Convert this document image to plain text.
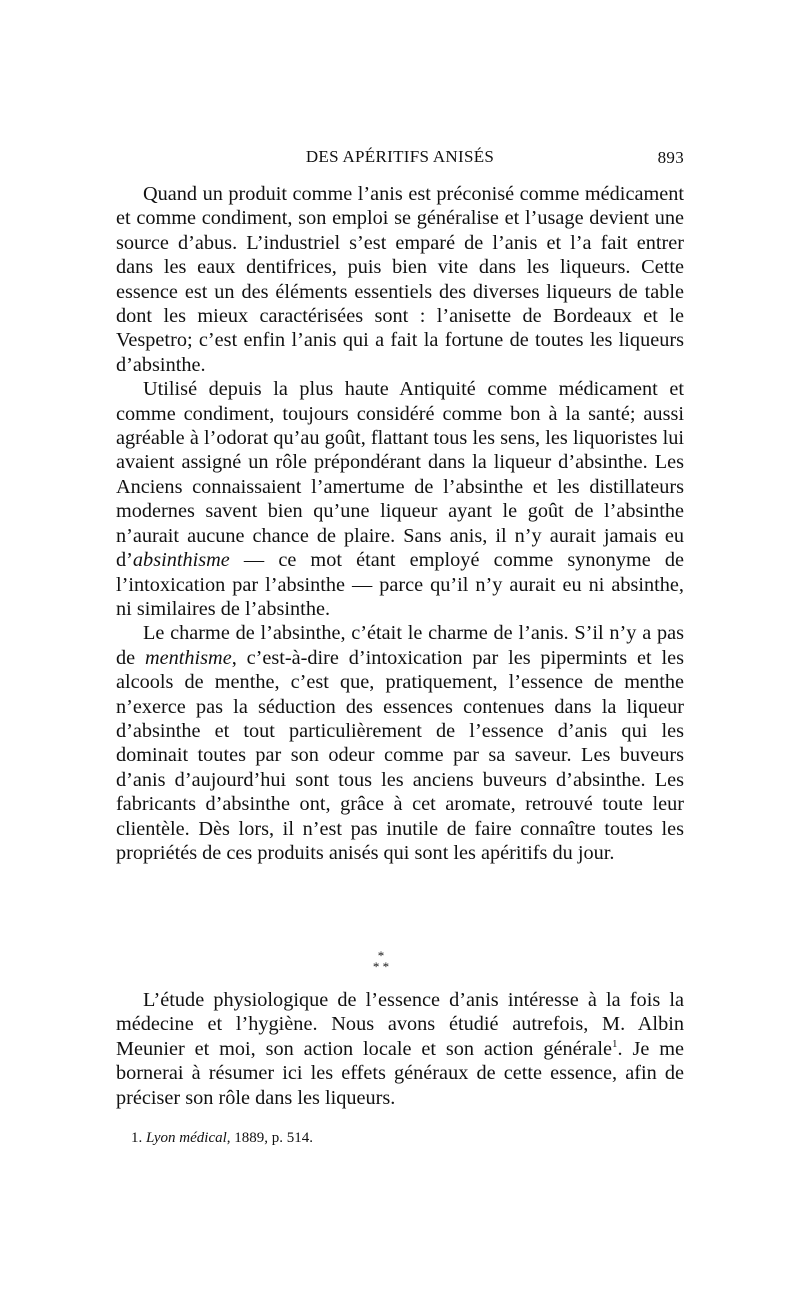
DES APÉRITIFS ANISÉS	893

Quand un produit comme l’anis est préconisé comme médicament et comme condiment, son emploi se généralise et l’usage devient une source d’abus. L’industriel s’est emparé de l’anis et l’a fait entrer dans les eaux dentifrices, puis bien vite dans les liqueurs. Cette essence est un des éléments essentiels des diverses liqueurs de table dont les mieux caractérisées sont : l’anisette de Bordeaux et le Vespetro; c’est enfin l’anis qui a fait la fortune de toutes les liqueurs d’absinthe.

Utilisé depuis la plus haute Antiquité comme médicament et comme condiment, toujours considéré comme bon à la santé; aussi agréable à l’odorat qu’au goût, flattant tous les sens, les liquoristes lui avaient assigné un rôle prépondérant dans la liqueur d’absinthe. Les Anciens connaissaient l’amertume de l’absinthe et les distillateurs modernes savent bien qu’une liqueur ayant le goût de l’absinthe n’aurait aucune chance de plaire. Sans anis, il n’y aurait jamais eu d’absinthisme — ce mot étant employé comme synonyme de l’intoxication par l’absinthe — parce qu’il n’y aurait eu ni absinthe, ni similaires de l’absinthe.

Le charme de l’absinthe, c’était le charme de l’anis. S’il n’y a pas de menthisme, c’est-à-dire d’intoxication par les pipermints et les alcools de menthe, c’est que, pratiquement, l’essence de menthe n’exerce pas la séduction des essences contenues dans la liqueur d’absinthe et tout particulièrement de l’essence d’anis qui les dominait toutes par son odeur comme par sa saveur. Les buveurs d’anis d’aujourd’hui sont tous les anciens buveurs d’absinthe. Les fabricants d’absinthe ont, grâce à cet aromate, retrouvé toute leur clientèle. Dès lors, il n’est pas inutile de faire connaître toutes les propriétés de ces produits anisés qui sont les apéritifs du jour.

*
* *

L’étude physiologique de l’essence d’anis intéresse à la fois la médecine et l’hygiène. Nous avons étudié autrefois, M. Albin Meunier et moi, son action locale et son action générale$^1$. Je me bornerai à résumer ici les effets généraux de cette essence, afin de préciser son rôle dans les liqueurs.

1. Lyon médical, 1889, p. 514.
